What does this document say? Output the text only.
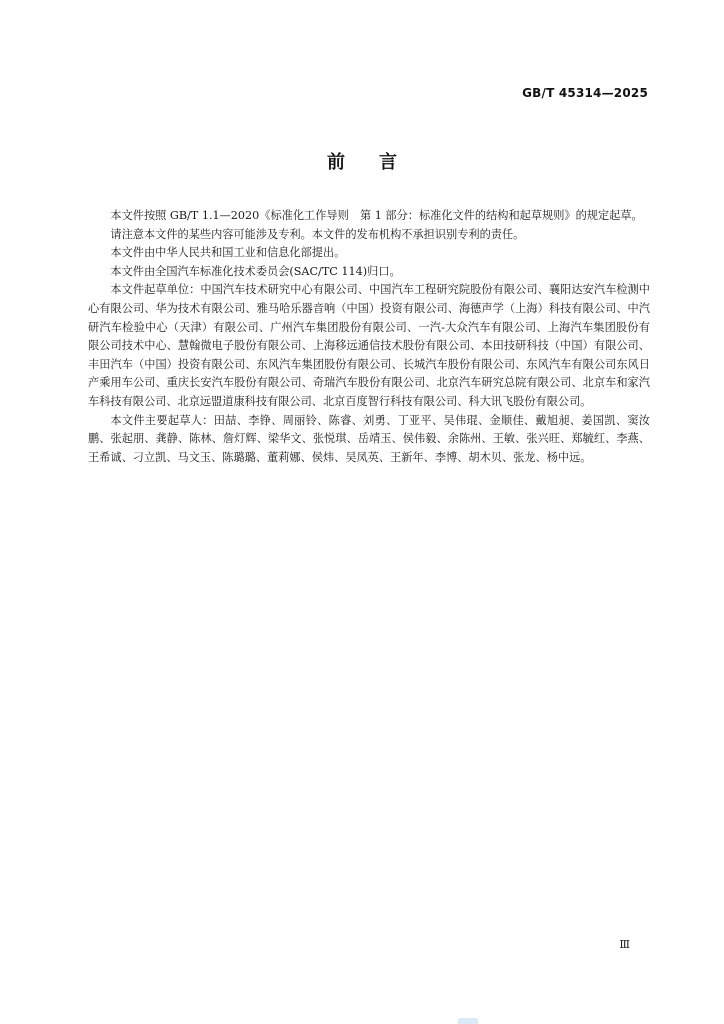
GB/T 45314—2025
前言

本文件按照 GB/T 1.1—2020《标准化工作导则　第 1 部分：标准化文件的结构和起草规则》的规定起草。

请注意本文件的某些内容可能涉及专利。本文件的发布机构不承担识别专利的责任。

本文件由中华人民共和国工业和信息化部提出。

本文件由全国汽车标准化技术委员会(SAC/TC 114)归口。

本文件起草单位：中国汽车技术研究中心有限公司、中国汽车工程研究院股份有限公司、襄阳达安汽车检测中心有限公司、华为技术有限公司、雅马哈乐器音响（中国）投资有限公司、海德声学（上海）科技有限公司、中汽研汽车检验中心（天津）有限公司、广州汽车集团股份有限公司、一汽-大众汽车有限公司、上海汽车集团股份有限公司技术中心、慧翰微电子股份有限公司、上海移远通信技术股份有限公司、本田技研科技（中国）有限公司、丰田汽车（中国）投资有限公司、东风汽车集团股份有限公司、长城汽车股份有限公司、东风汽车有限公司东风日产乘用车公司、重庆长安汽车股份有限公司、奇瑞汽车股份有限公司、北京汽车研究总院有限公司、北京车和家汽车科技有限公司、北京远盟道康科技有限公司、北京百度智行科技有限公司、科大讯飞股份有限公司。

本文件主要起草人：田喆、李铮、周丽铃、陈睿、刘勇、丁亚平、吴伟琨、金顺佳、戴旭昶、姜国凯、窦汝鹏、张起朋、龚静、陈林、詹灯辉、梁华文、张悦琪、岳靖玉、侯伟毅、余陈州、王敏、张兴旺、郑毓红、李燕、王希诚、刁立凯、马文玉、陈璐璐、董莉娜、侯炜、吴凤英、王新年、李博、胡木贝、张龙、杨中远。

Ⅲ
